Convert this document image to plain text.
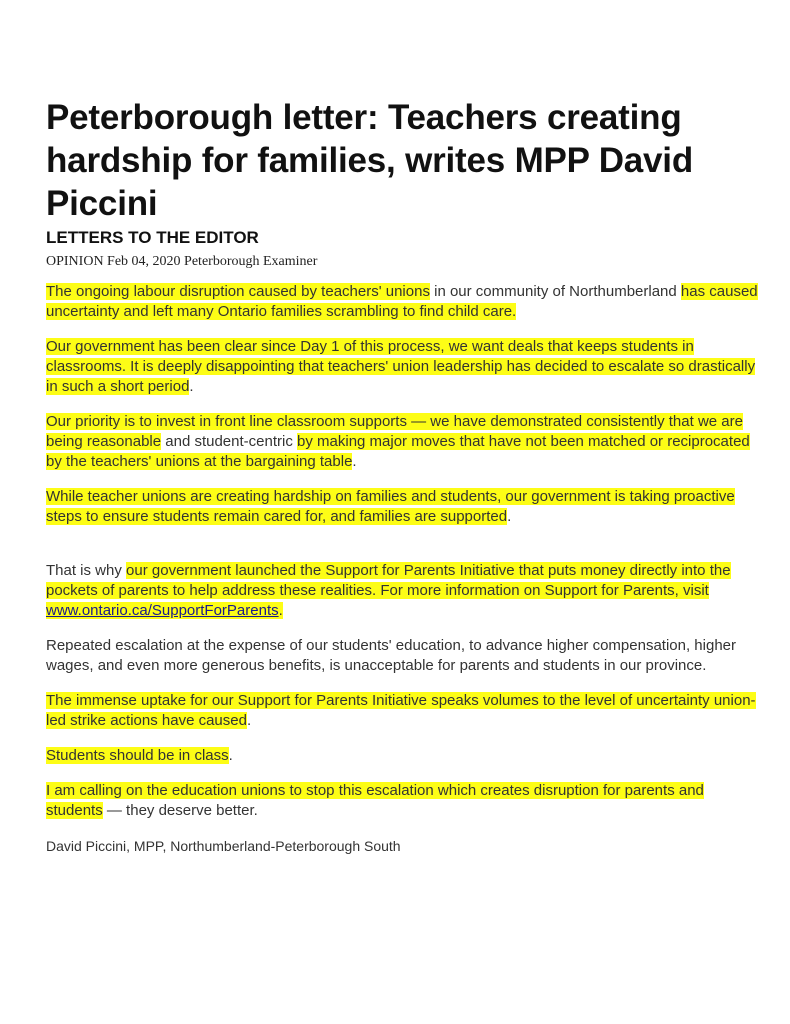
Peterborough letter: Teachers creating hardship for families, writes MPP David Piccini
LETTERS TO THE EDITOR
OPINION Feb 04, 2020 Peterborough Examiner

The ongoing labour disruption caused by teachers' unions in our community of Northumberland has caused uncertainty and left many Ontario families scrambling to find child care.

Our government has been clear since Day 1 of this process, we want deals that keeps students in classrooms. It is deeply disappointing that teachers' union leadership has decided to escalate so drastically in such a short period.

Our priority is to invest in front line classroom supports — we have demonstrated consistently that we are being reasonable and student-centric by making major moves that have not been matched or reciprocated by the teachers' unions at the bargaining table.

While teacher unions are creating hardship on families and students, our government is taking proactive steps to ensure students remain cared for, and families are supported.

That is why our government launched the Support for Parents Initiative that puts money directly into the pockets of parents to help address these realities. For more information on Support for Parents, visit www.ontario.ca/SupportForParents.

Repeated escalation at the expense of our students' education, to advance higher compensation, higher wages, and even more generous benefits, is unacceptable for parents and students in our province.

The immense uptake for our Support for Parents Initiative speaks volumes to the level of uncertainty union-led strike actions have caused.

Students should be in class.

I am calling on the education unions to stop this escalation which creates disruption for parents and students — they deserve better.

David Piccini, MPP, Northumberland-Peterborough South
